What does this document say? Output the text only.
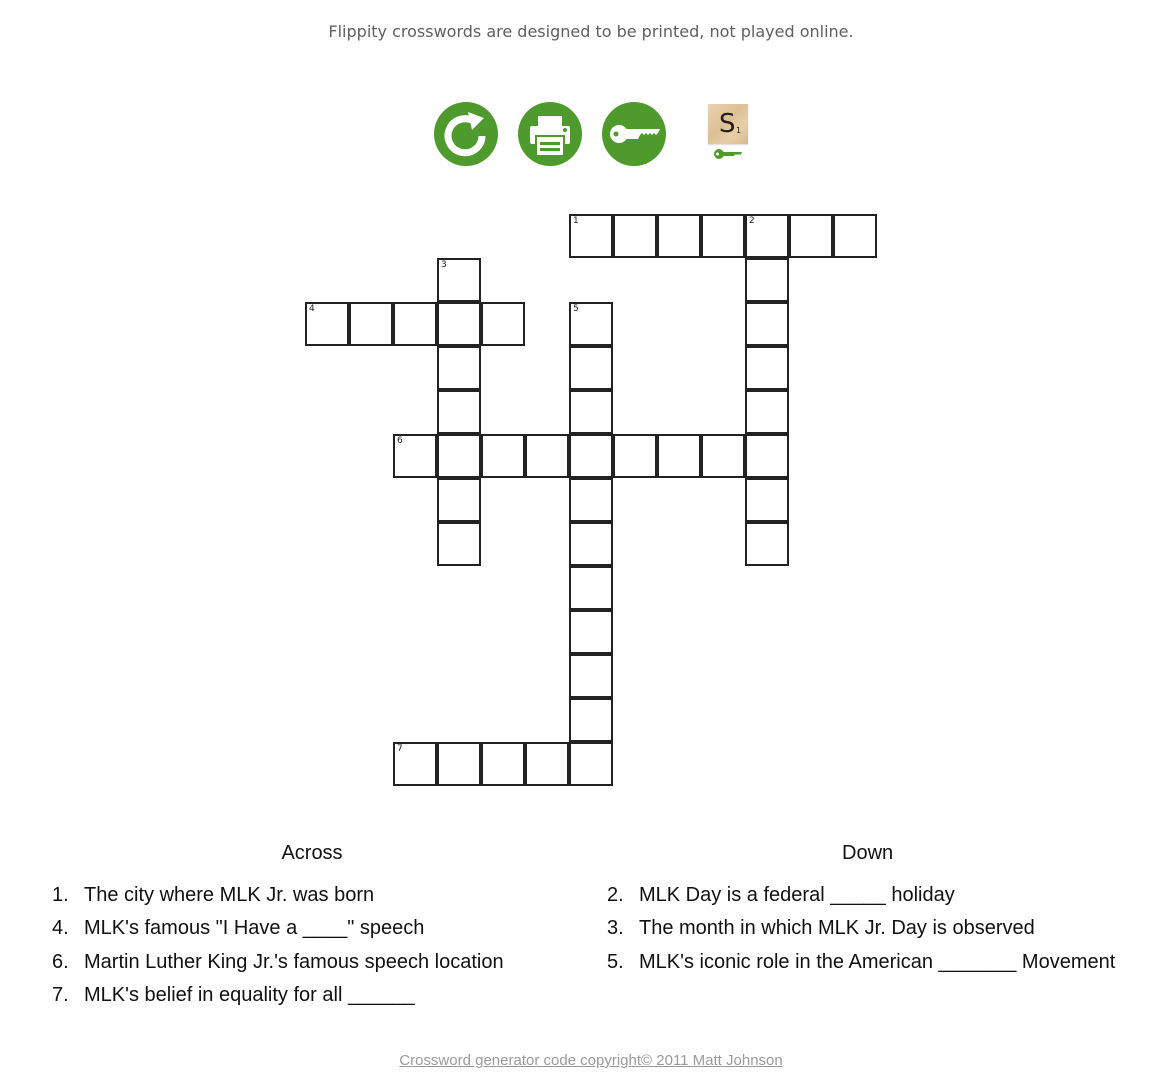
Flippity crosswords are designed to be printed, not played online.
S 1
1	2
3
4	5
6
7
Across
1. The city where MLK Jr. was born
4. MLK's famous "I Have a ____" speech
6. Martin Luther King Jr.'s famous speech location
7. MLK's belief in equality for all ______
Down
2. MLK Day is a federal _____ holiday
3. The month in which MLK Jr. Day is observed
5. MLK's iconic role in the American _______ Movement
Crossword generator code copyright© 2011 Matt Johnson
